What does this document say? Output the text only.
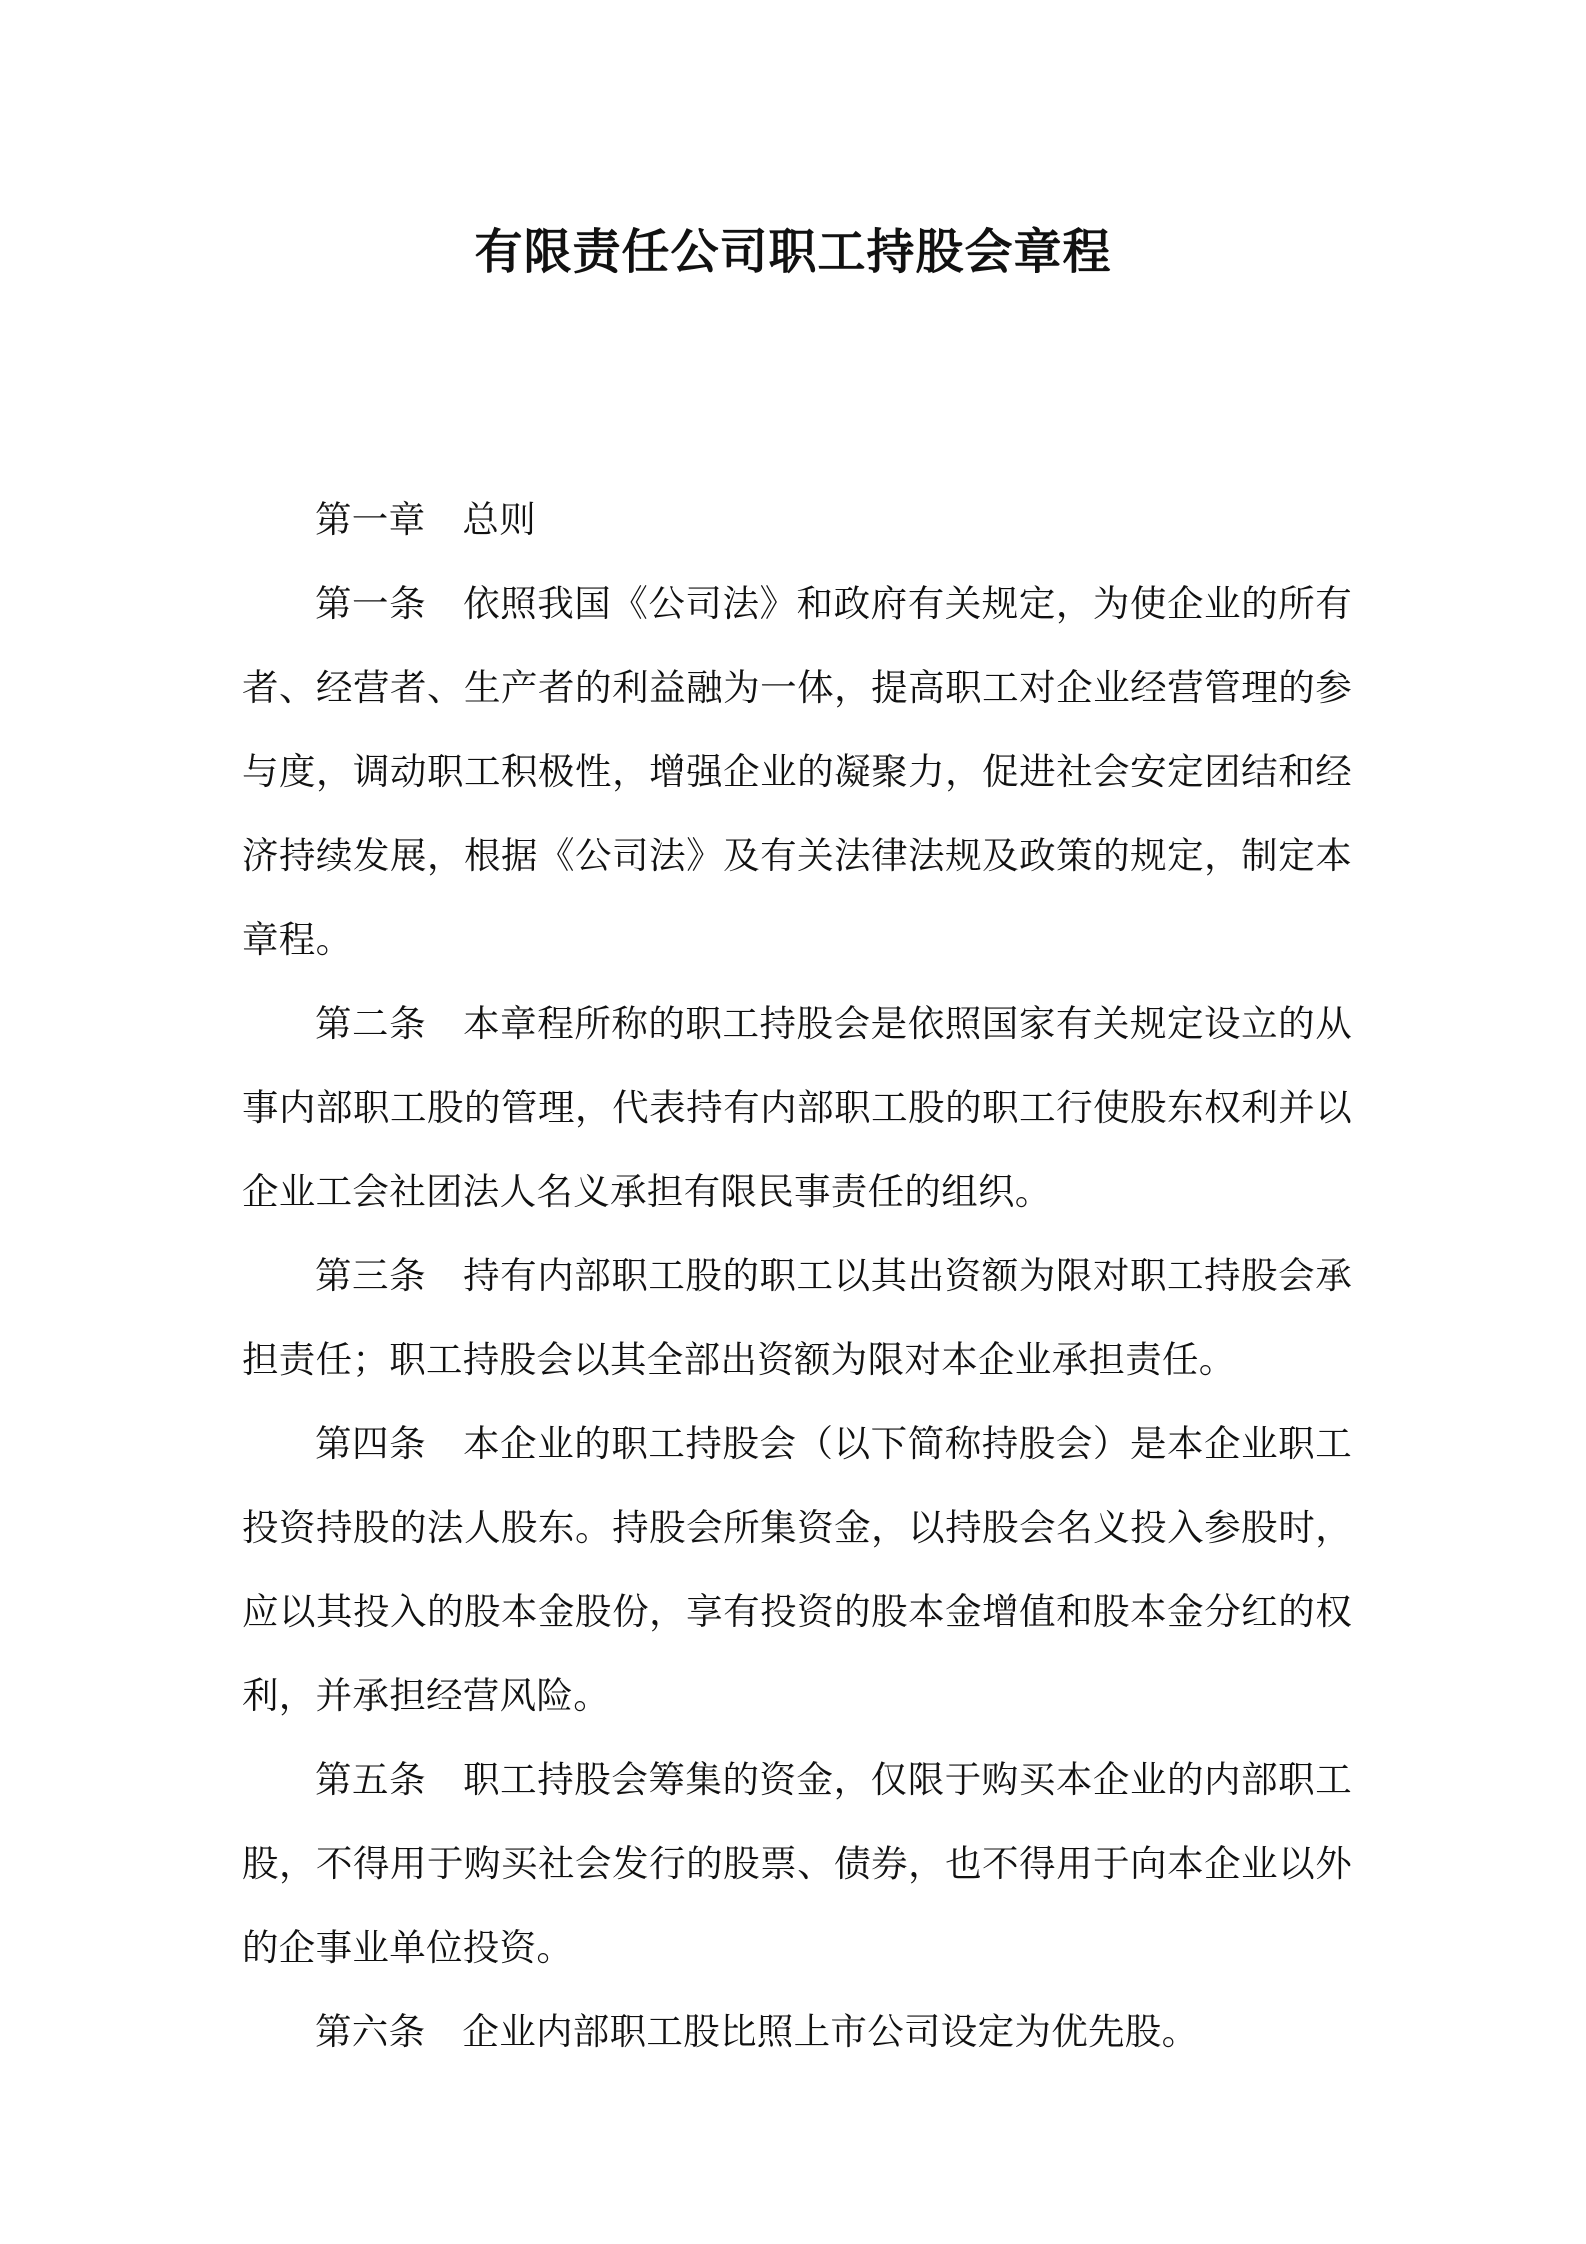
有限责任公司职工持股会章程

第一章 总则

第一条 依照我国《公司法》和政府有关规定，为使企业的所有者、经营者、生产者的利益融为一体，提高职工对企业经营管理的参与度，调动职工积极性，增强企业的凝聚力，促进社会安定团结和经济持续发展，根据《公司法》及有关法律法规及政策的规定，制定本章程。

第二条 本章程所称的职工持股会是依照国家有关规定设立的从事内部职工股的管理，代表持有内部职工股的职工行使股东权利并以企业工会社团法人名义承担有限民事责任的组织。

第三条 持有内部职工股的职工以其出资额为限对职工持股会承担责任；职工持股会以其全部出资额为限对本企业承担责任。

第四条 本企业的职工持股会（以下简称持股会）是本企业职工投资持股的法人股东。持股会所集资金，以持股会名义投入参股时，应以其投入的股本金股份，享有投资的股本金增值和股本金分红的权利，并承担经营风险。

第五条 职工持股会筹集的资金，仅限于购买本企业的内部职工股，不得用于购买社会发行的股票、债券，也不得用于向本企业以外的企事业单位投资。

第六条 企业内部职工股比照上市公司设定为优先股。
